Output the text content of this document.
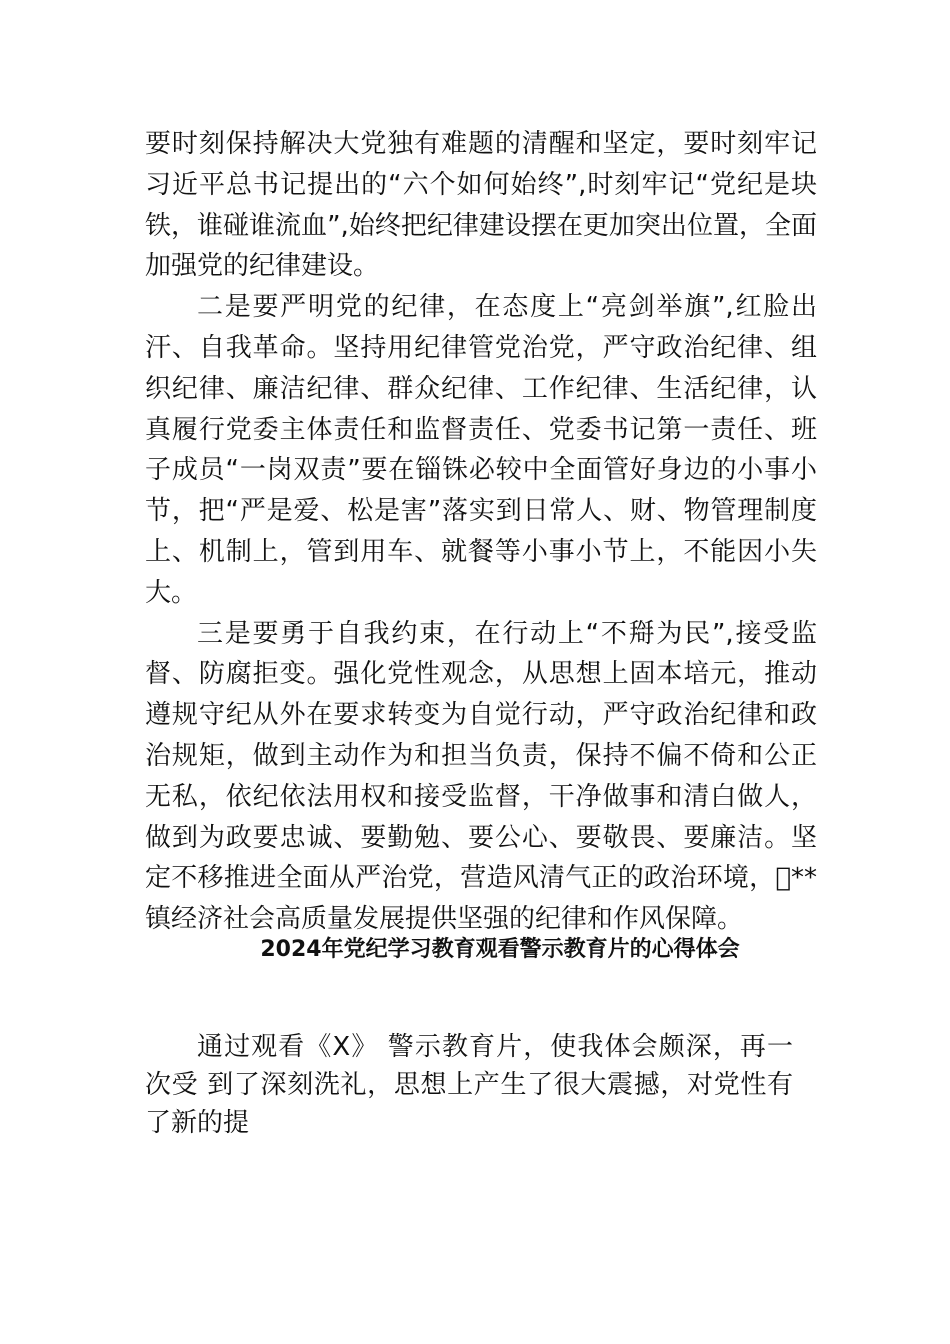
要时刻保持解决大党独有难题的清醒和坚定，要时刻牢记习近平总书记提出的“六个如何始终”,时刻牢记“党纪是块铁，谁碰谁流血”,始终把纪律建设摆在更加突出位置，全面加强党的纪律建设。

二是要严明党的纪律，在态度上“亮剑举旗”,红脸出汗、自我革命。坚持用纪律管党治党，严守政治纪律、组织纪律、廉洁纪律、群众纪律、工作纪律、生活纪律，认真履行党委主体责任和监督责任、党委书记第一责任、班子成员“一岗双责”要在锱铢必较中全面管好身边的小事小节，把“严是爱、松是害”落实到日常人、财、物管理制度上、机制上，管到用车、就餐等小事小节上，不能因小失大。

三是要勇于自我约束，在行动上“不搿为民”,接受监督、防腐拒变。强化党性观念，从思想上固本培元，推动遵规守纪从外在要求转变为自觉行动，严守政治纪律和政治规矩，做到主动作为和担当负责，保持不偏不倚和公正无私，依纪依法用权和接受监督，干净做事和清白做人，做到为政要忠诚、要勤勉、要公心、要敬畏、要廉洁。坚定不移推进全面从严治党，营造风清气正的政治环境，􀀀**镇经济社会高质量发展提供坚强的纪律和作风保障。

2024年党纪学习教育观看警示教育片的心得体会

通过观看《X》 警示教育片，使我体会颇深，再一次受 到了深刻洗礼，思想上产生了很大震撼，对党性有了新的提
